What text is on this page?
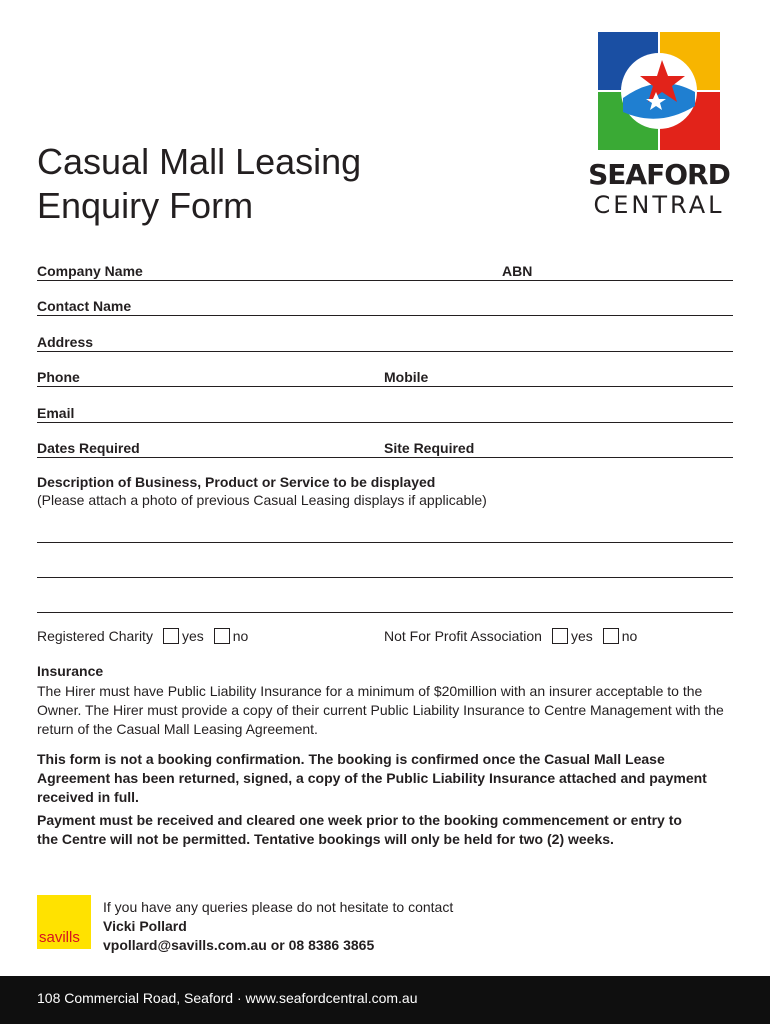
Casual Mall Leasing
Enquiry Form
SEAFORD
CENTRAL
Company Name	ABN
Contact Name
Address
Phone	Mobile
Email
Dates Required	Site Required
Description of Business, Product or Service to be displayed
(Please attach a photo of previous Casual Leasing displays if applicable)
Registered Charity yes no	Not For Profit Association yes no
Insurance
The Hirer must have Public Liability Insurance for a minimum of $20million with an insurer acceptable to the Owner. The Hirer must provide a copy of their current Public Liability Insurance to Centre Management with the return of the Casual Mall Leasing Agreement.
This form is not a booking confirmation. The booking is confirmed once the Casual Mall Lease Agreement has been returned, signed, a copy of the Public Liability Insurance attached and payment received in full.
Payment must be received and cleared one week prior to the booking commencement or entry to the Centre will not be permitted. Tentative bookings will only be held for two (2) weeks.
savills
If you have any queries please do not hesitate to contact
Vicki Pollard
vpollard@savills.com.au or 08 8386 3865
108 Commercial Road, Seaford · www.seafordcentral.com.au
